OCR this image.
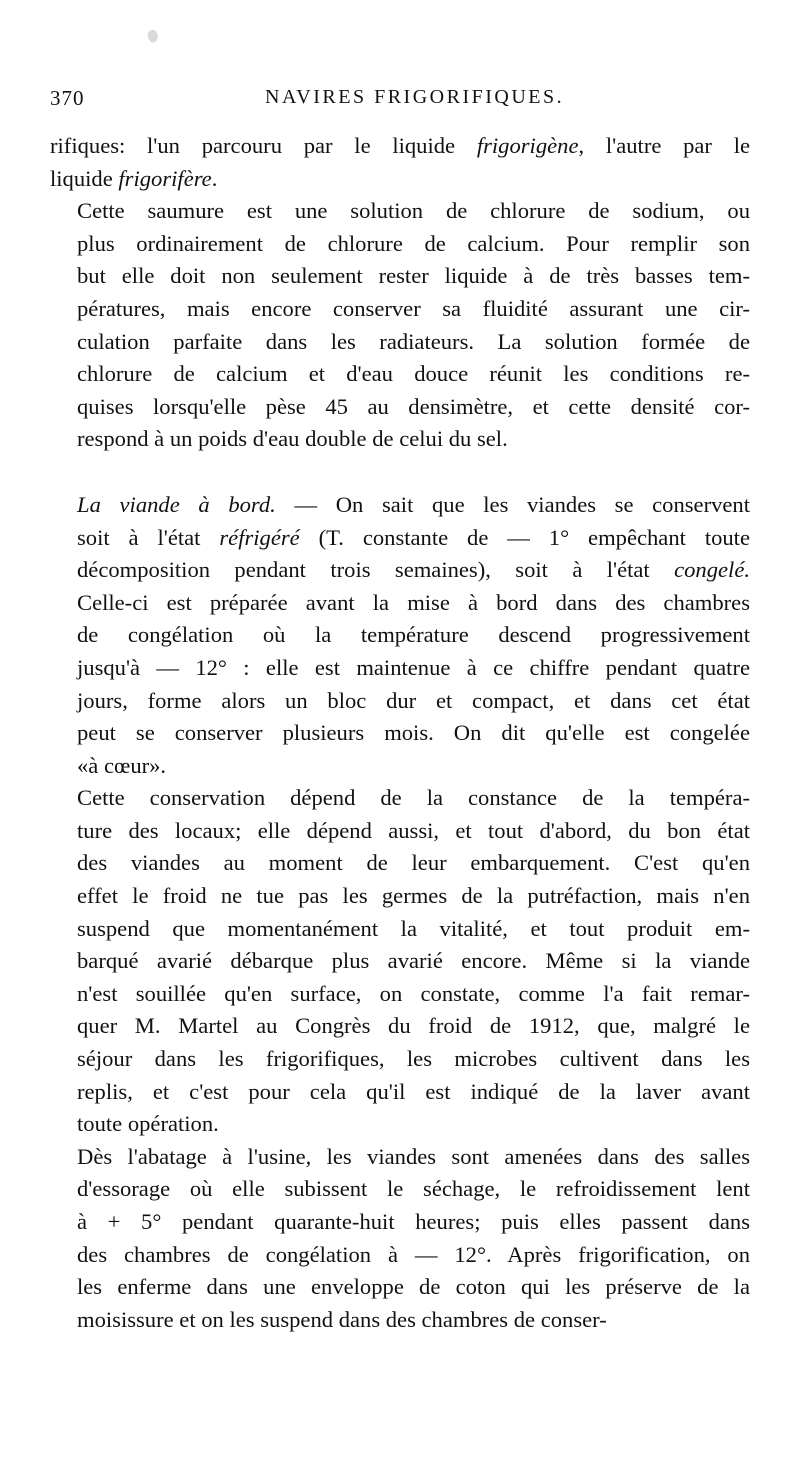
370	NAVIRES FRIGORIFIQUES.

rifiques: l'un parcouru par le liquide frigorigène, l'autre par le
liquide frigorifère.

Cette saumure est une solution de chlorure de sodium, ou
plus ordinairement de chlorure de calcium. Pour remplir son
but elle doit non seulement rester liquide à de très basses tem-
pératures, mais encore conserver sa fluidité assurant une cir-
culation parfaite dans les radiateurs. La solution formée de
chlorure de calcium et d'eau douce réunit les conditions re-
quises lorsqu'elle pèse 45 au densimètre, et cette densité cor-
respond à un poids d'eau double de celui du sel.

La viande à bord. — On sait que les viandes se conservent
soit à l'état réfrigéré (T. constante de — 1° empêchant toute
décomposition pendant trois semaines), soit à l'état congelé.
Celle-ci est préparée avant la mise à bord dans des chambres
de congélation où la température descend progressivement
jusqu'à — 12° : elle est maintenue à ce chiffre pendant quatre
jours, forme alors un bloc dur et compact, et dans cet état
peut se conserver plusieurs mois. On dit qu'elle est congelée
«à cœur».

Cette conservation dépend de la constance de la tempéra-
ture des locaux; elle dépend aussi, et tout d'abord, du bon état
des viandes au moment de leur embarquement. C'est qu'en
effet le froid ne tue pas les germes de la putréfaction, mais n'en
suspend que momentanément la vitalité, et tout produit em-
barqué avarié débarque plus avarié encore. Même si la viande
n'est souillée qu'en surface, on constate, comme l'a fait remar-
quer M. Martel au Congrès du froid de 1912, que, malgré le
séjour dans les frigorifiques, les microbes cultivent dans les
replis, et c'est pour cela qu'il est indiqué de la laver avant
toute opération.

Dès l'abatage à l'usine, les viandes sont amenées dans des salles
d'essorage où elle subissent le séchage, le refroidissement lent
à + 5° pendant quarante-huit heures; puis elles passent dans
des chambres de congélation à — 12°. Après frigorification, on
les enferme dans une enveloppe de coton qui les préserve de la
moisissure et on les suspend dans des chambres de conser-
